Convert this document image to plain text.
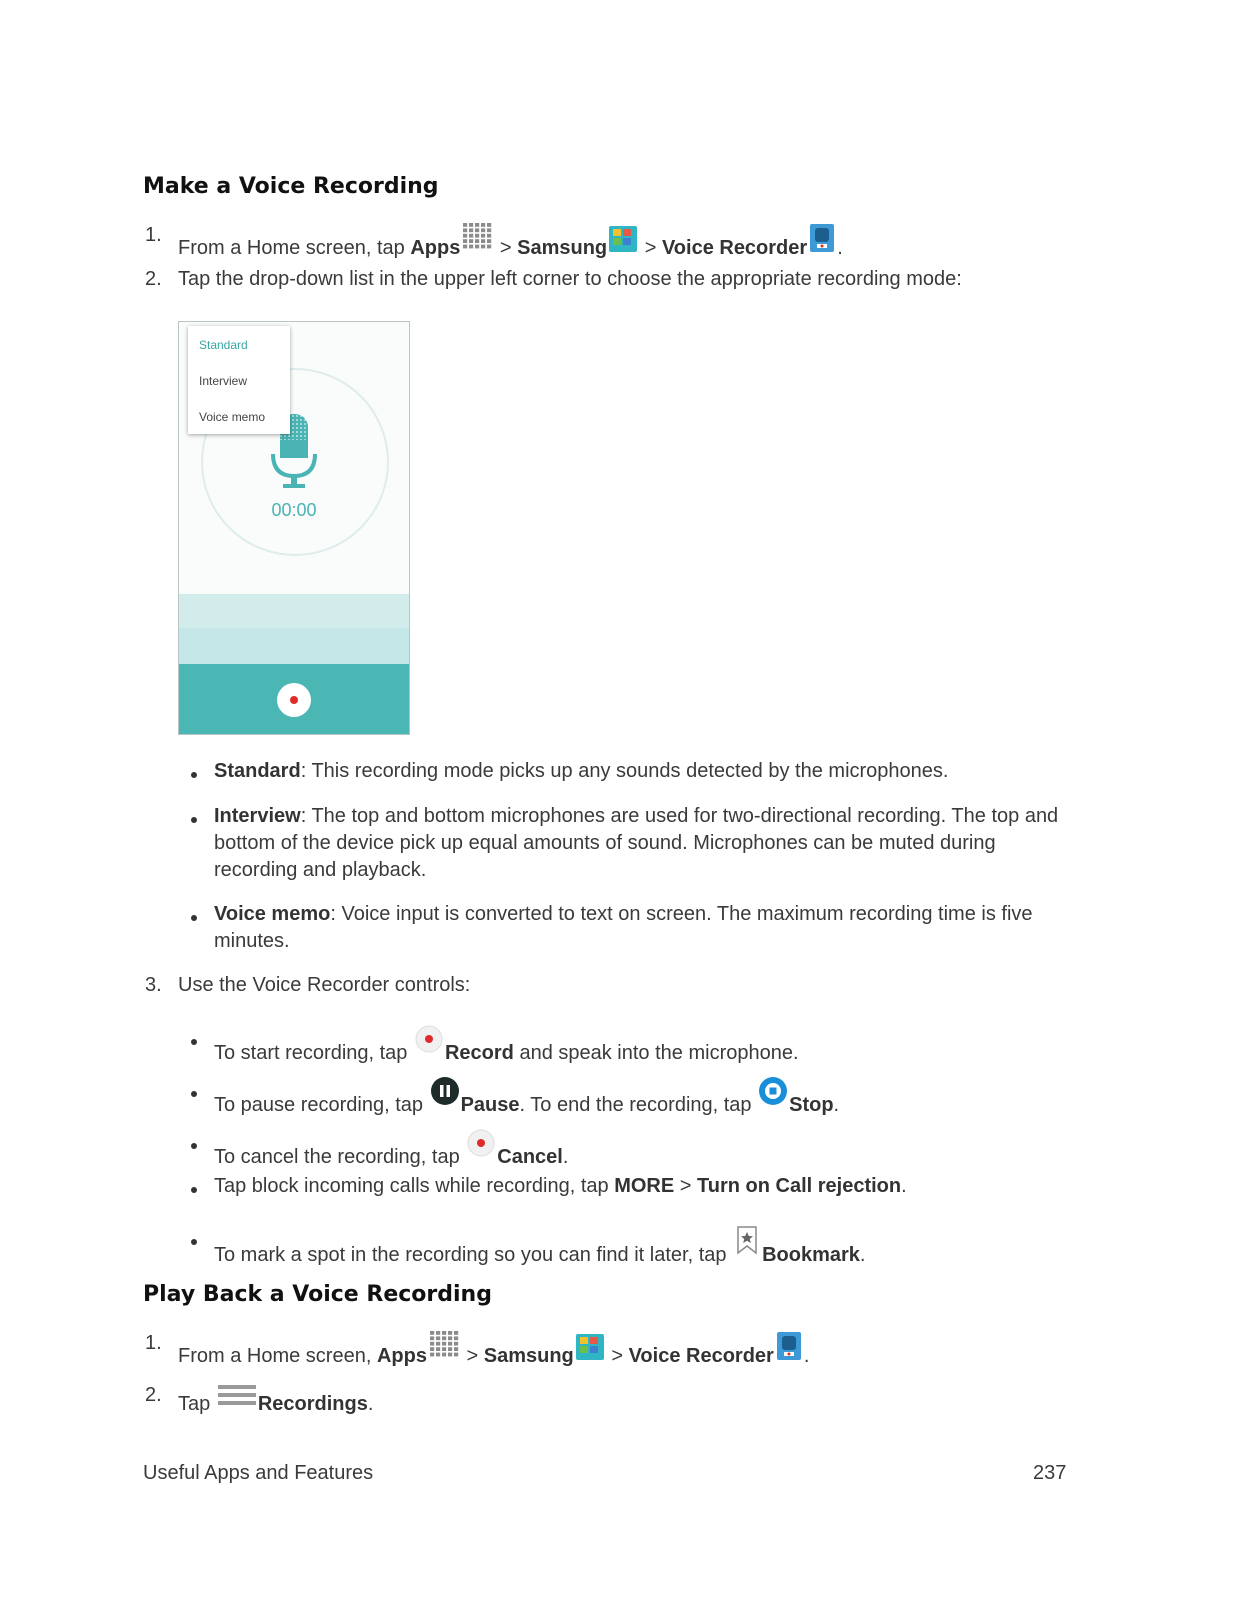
Make a Voice Recording
1.
From a Home screen, tap Apps > Samsung > Voice Recorder .
2. Tap the drop-down list in the upper left corner to choose the appropriate recording mode:
00:00
Standard
Interview
Voice memo
Standard: This recording mode picks up any sounds detected by the microphones.
Interview: The top and bottom microphones are used for two-directional recording. The top and bottom of the device pick up equal amounts of sound. Microphones can be muted during recording and playback.
Voice memo: Voice input is converted to text on screen. The maximum recording time is five minutes.
3. Use the Voice Recorder controls:
To start recording, tap Record and speak into the microphone.
To pause recording, tap Pause. To end the recording, tap Stop.
To cancel the recording, tap Cancel.
Tap block incoming calls while recording, tap MORE > Turn on Call rejection.
To mark a spot in the recording so you can find it later, tap Bookmark.
Play Back a Voice Recording
1.
From a Home screen, Apps > Samsung > Voice Recorder .
2. Tap Recordings.
Useful Apps and Features	237
